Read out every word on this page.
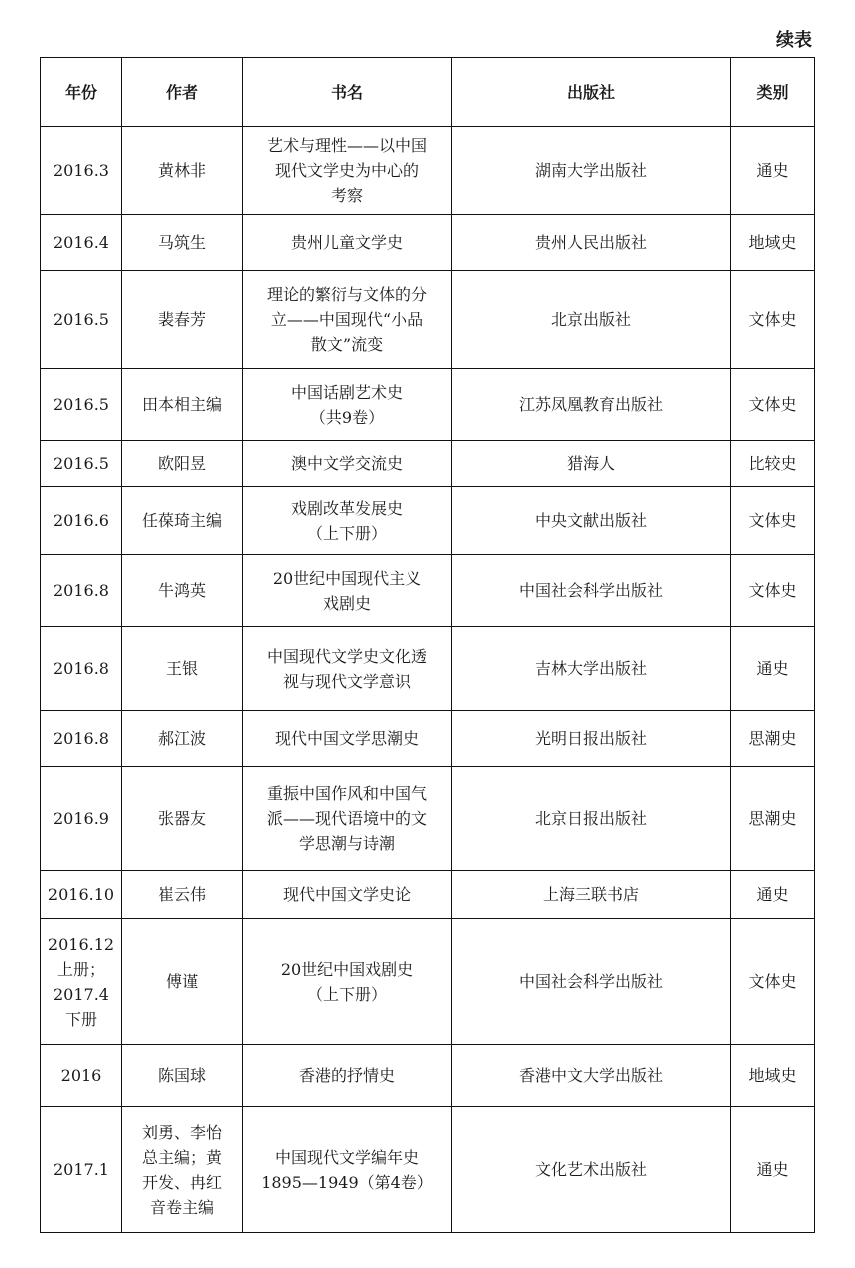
续表
年份	作者	书名	出版社	类别
2016.3	黄林非	艺术与理性——以中国
现代文学史为中心的
考察	湖南大学出版社	通史
2016.4	马筑生	贵州儿童文学史	贵州人民出版社	地域史
2016.5	裴春芳	理论的繁衍与文体的分
立——中国现代“小品
散文”流变	北京出版社	文体史
2016.5	田本相主编	中国话剧艺术史
（共9卷）	江苏凤凰教育出版社	文体史
2016.5	欧阳昱	澳中文学交流史	猎海人	比较史
2016.6	任葆琦主编	戏剧改革发展史
（上下册）	中央文献出版社	文体史
2016.8	牛鸿英	20世纪中国现代主义
戏剧史	中国社会科学出版社	文体史
2016.8	王银	中国现代文学史文化透
视与现代文学意识	吉林大学出版社	通史
2016.8	郝江波	现代中国文学思潮史	光明日报出版社	思潮史
2016.9	张器友	重振中国作风和中国气
派——现代语境中的文
学思潮与诗潮	北京日报出版社	思潮史
2016.10	崔云伟	现代中国文学史论	上海三联书店	通史
2016.12
上册；
2017.4
下册	傅谨	20世纪中国戏剧史
（上下册）	中国社会科学出版社	文体史
2016	陈国球	香港的抒情史	香港中文大学出版社	地域史
2017.1	刘勇、李怡
总主编；黄
开发、冉红
音卷主编	中国现代文学编年史
1895—1949（第4卷）	文化艺术出版社	通史
